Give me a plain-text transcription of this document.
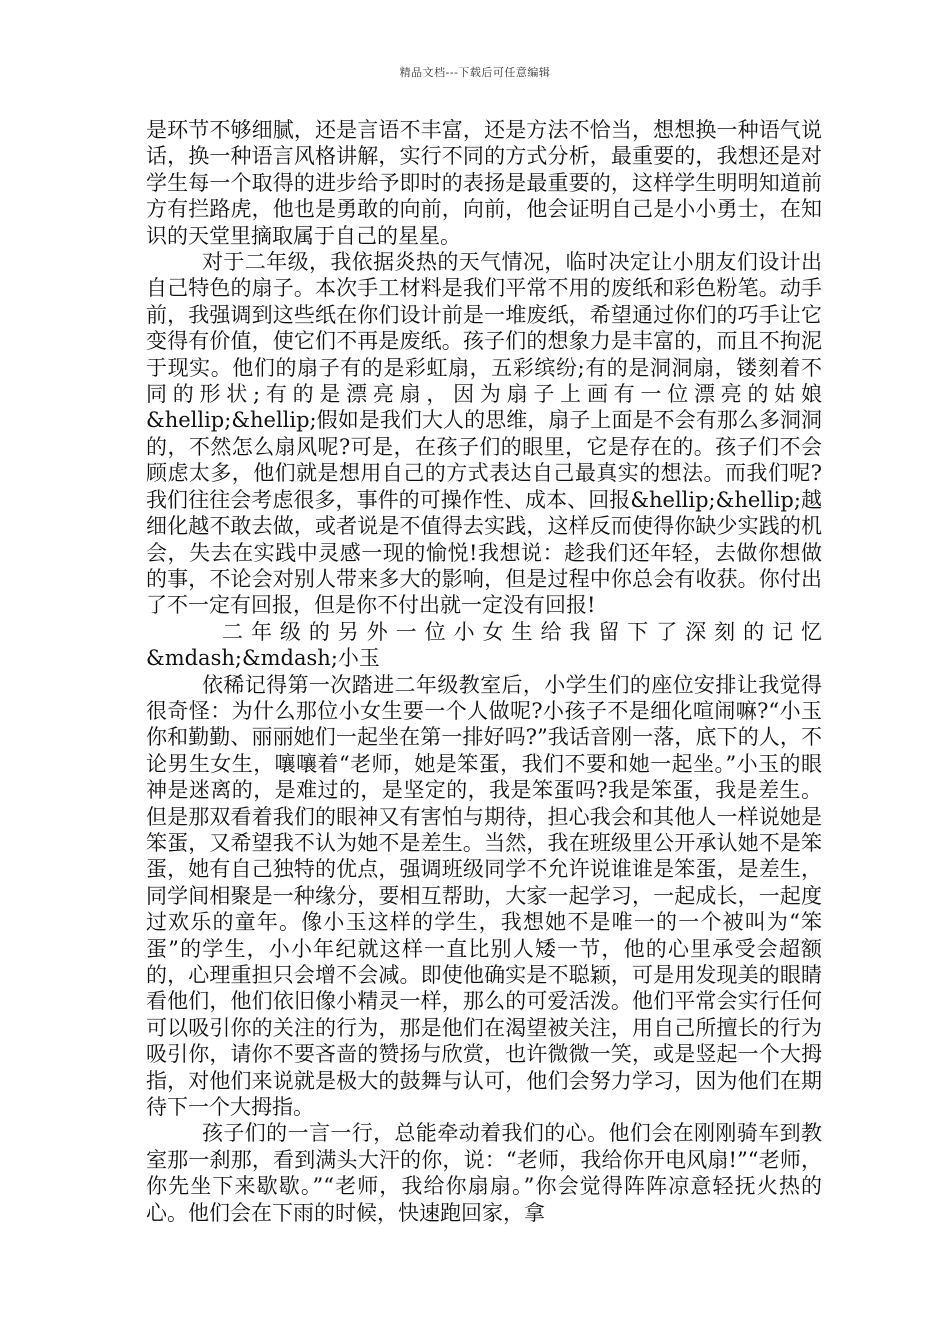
精品文档---下载后可任意编辑

是环节不够细腻，还是言语不丰富，还是方法不恰当，想想换一种语气说话，换一种语言风格讲解，实行不同的方式分析，最重要的，我想还是对学生每一个取得的进步给予即时的表扬是最重要的，这样学生明明知道前方有拦路虎，他也是勇敢的向前，向前，他会证明自己是小小勇士，在知识的天堂里摘取属于自己的星星。

对于二年级，我依据炎热的天气情况，临时决定让小朋友们设计出自己特色的扇子。本次手工材料是我们平常不用的废纸和彩色粉笔。动手前，我强调到这些纸在你们设计前是一堆废纸，希望通过你们的巧手让它变得有价值，使它们不再是废纸。孩子们的想象力是丰富的，而且不拘泥于现实。他们的扇子有的是彩虹扇，五彩缤纷;有的是洞洞扇，镂刻着不同的形状;有的是漂亮扇，因为扇子上画有一位漂亮的姑娘&hellip;&hellip;假如是我们大人的思维，扇子上面是不会有那么多洞洞的，不然怎么扇风呢?可是，在孩子们的眼里，它是存在的。孩子们不会顾虑太多，他们就是想用自己的方式表达自己最真实的想法。而我们呢?我们往往会考虑很多，事件的可操作性、成本、回报&hellip;&hellip;越细化越不敢去做，或者说是不值得去实践，这样反而使得你缺少实践的机会，失去在实践中灵感一现的愉悦!我想说：趁我们还年轻，去做你想做的事，不论会对别人带来多大的影响，但是过程中你总会有收获。你付出了不一定有回报，但是你不付出就一定没有回报!

二年级的另外一位小女生给我留下了深刻的记忆

&mdash;&mdash;小玉

依稀记得第一次踏进二年级教室后，小学生们的座位安排让我觉得很奇怪：为什么那位小女生要一个人做呢?小孩子不是细化喧闹嘛?“小玉你和勤勤、丽丽她们一起坐在第一排好吗?”我话音刚一落，底下的人，不论男生女生，嚷嚷着“老师，她是笨蛋，我们不要和她一起坐。”小玉的眼神是迷离的，是难过的，是坚定的，我是笨蛋吗?我是笨蛋，我是差生。但是那双看着我们的眼神又有害怕与期待，担心我会和其他人一样说她是笨蛋，又希望我不认为她不是差生。当然，我在班级里公开承认她不是笨蛋，她有自己独特的优点，强调班级同学不允许说谁谁是笨蛋，是差生，同学间相聚是一种缘分，要相互帮助，大家一起学习，一起成长，一起度过欢乐的童年。像小玉这样的学生，我想她不是唯一的一个被叫为“笨蛋”的学生，小小年纪就这样一直比别人矮一节，他的心里承受会超额的，心理重担只会增不会减。即使他确实是不聪颖，可是用发现美的眼睛看他们，他们依旧像小精灵一样，那么的可爱活泼。他们平常会实行任何可以吸引你的关注的行为，那是他们在渴望被关注，用自己所擅长的行为吸引你，请你不要吝啬的赞扬与欣赏，也许微微一笑，或是竖起一个大拇指，对他们来说就是极大的鼓舞与认可，他们会努力学习，因为他们在期待下一个大拇指。

孩子们的一言一行，总能牵动着我们的心。他们会在刚刚骑车到教室那一刹那，看到满头大汗的你，说：“老师，我给你开电风扇!”“老师，你先坐下来歇歇。”“老师，我给你扇扇。”你会觉得阵阵凉意轻抚火热的心。他们会在下雨的时候，快速跑回家，拿
